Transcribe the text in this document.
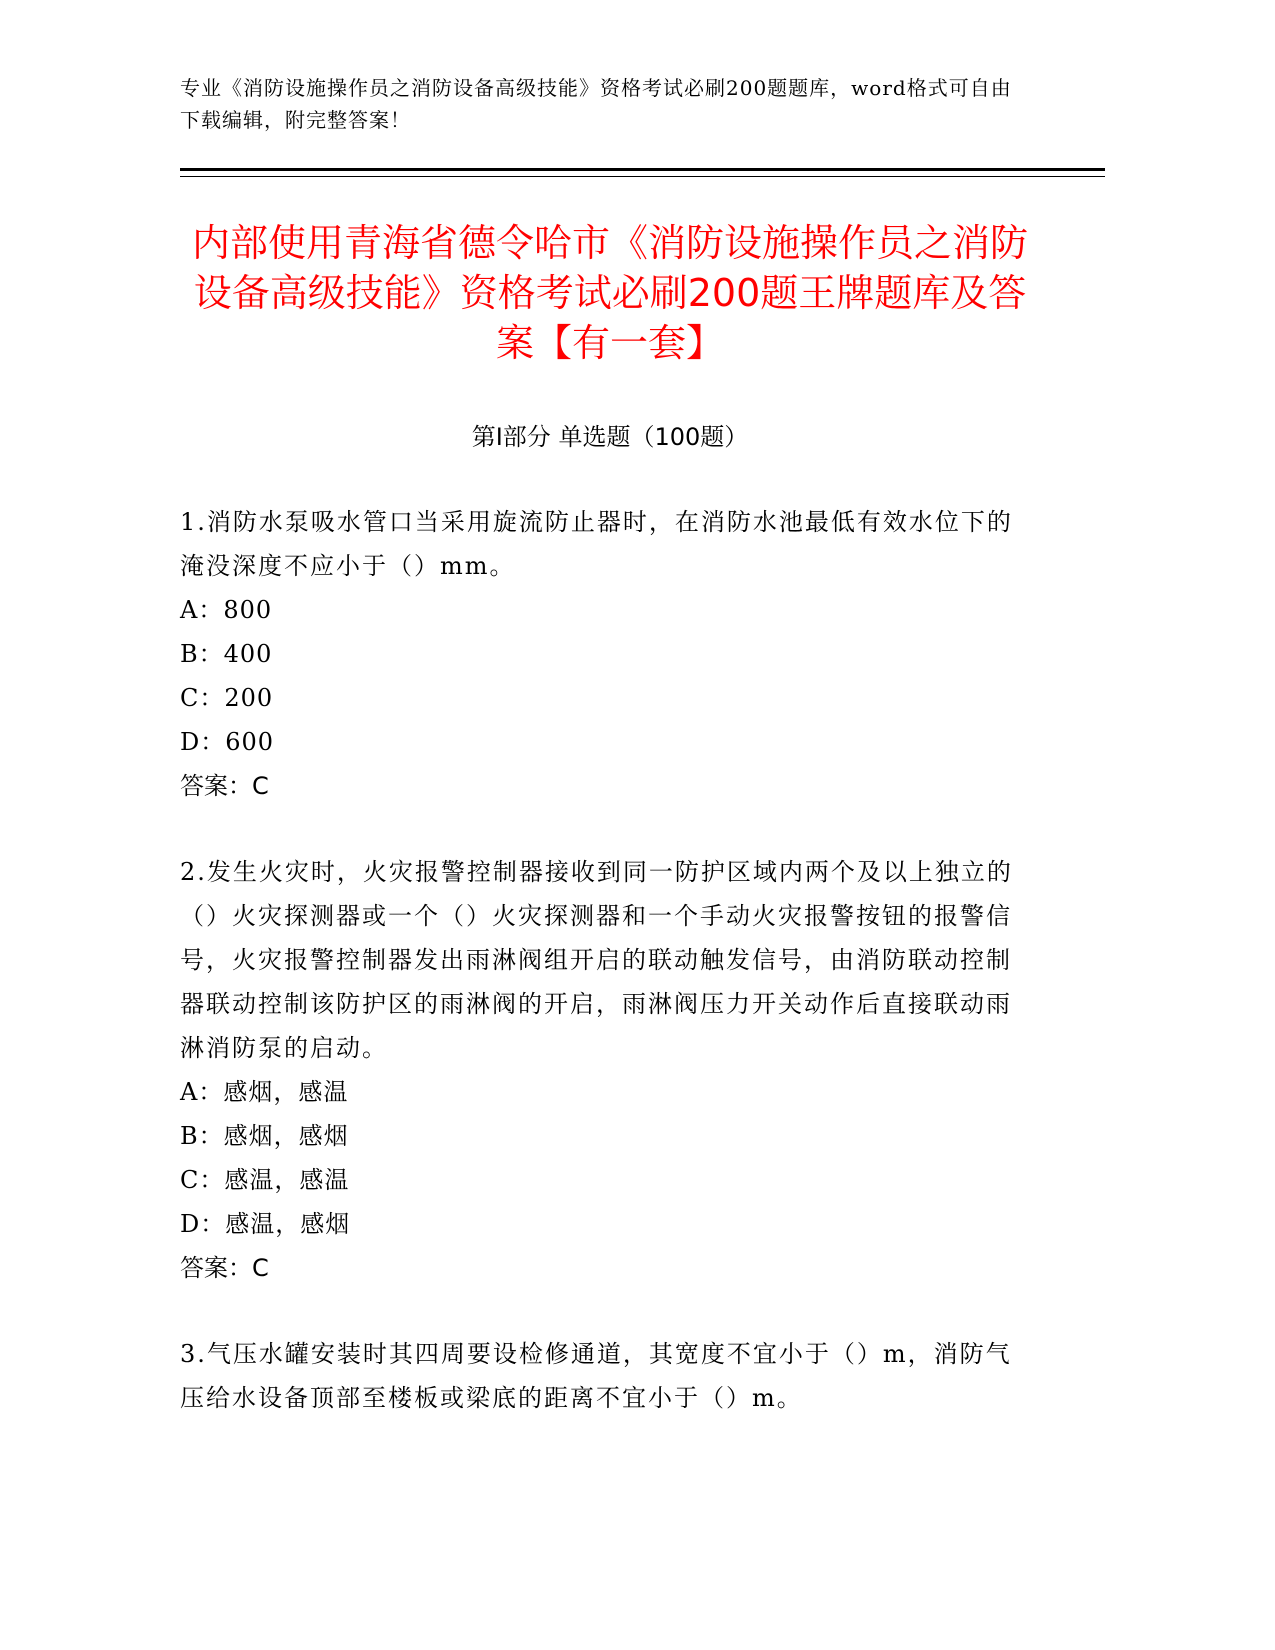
专业《消防设施操作员之消防设备高级技能》资格考试必刷200题题库，word格式可自由下载编辑，附完整答案！
内部使用青海省德令哈市《消防设施操作员之消防设备高级技能》资格考试必刷200题王牌题库及答案【有一套】
第Ⅰ部分 单选题（100题）
1.消防水泵吸水管口当采用旋流防止器时，在消防水池最低有效水位下的淹没深度不应小于（）mm。
A：800
B：400
C：200
D：600
答案：C
2.发生火灾时，火灾报警控制器接收到同一防护区域内两个及以上独立的（）火灾探测器或一个（）火灾探测器和一个手动火灾报警按钮的报警信号，火灾报警控制器发出雨淋阀组开启的联动触发信号，由消防联动控制器联动控制该防护区的雨淋阀的开启，雨淋阀压力开关动作后直接联动雨淋消防泵的启动。
A：感烟，感温
B：感烟，感烟
C：感温，感温
D：感温，感烟
答案：C
3.气压水罐安装时其四周要设检修通道，其宽度不宜小于（）m，消防气压给水设备顶部至楼板或梁底的距离不宜小于（）m。
